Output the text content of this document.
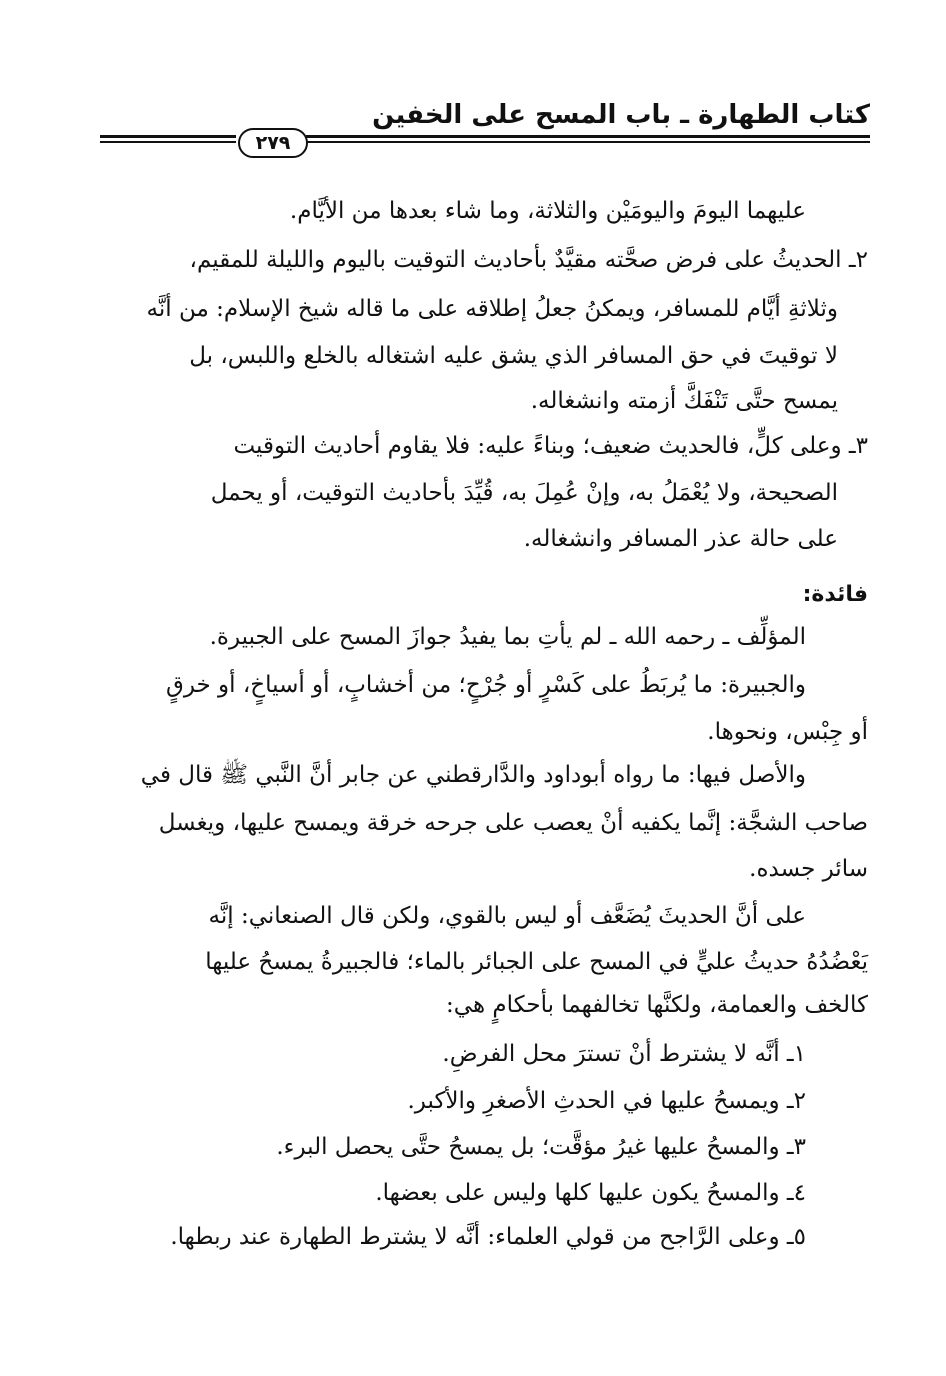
كتاب الطهارة ـ باب المسح على الخفين
٢٧٩
عليهما اليومَ واليومَيْن والثلاثة، وما شاء بعدها من الأيَّام.
٢ـ الحديثُ على فرض صحَّته مقيَّدٌ بأحاديث التوقيت باليوم والليلة للمقيم،
وثلاثةِ أيَّام للمسافر، ويمكنُ جعلُ إطلاقه على ما قاله شيخ الإسلام: من أنَّه
لا توقيتَ في حق المسافر الذي يشق عليه اشتغاله بالخلع واللبس، بل
يمسح حتَّى تَنْفَكَّ أزمته وانشغاله.
٣ـ وعلى كلٍّ، فالحديث ضعيف؛ وبناءً عليه: فلا يقاوم أحاديث التوقيت
الصحيحة، ولا يُعْمَلُ به، وإنْ عُمِلَ به، قُيِّدَ بأحاديث التوقيت، أو يحمل
على حالة عذر المسافر وانشغاله.
فائدة:
المؤلِّف ـ رحمه الله ـ لم يأتِ بما يفيدُ جوازَ المسح على الجبيرة.
والجبيرة: ما يُربَطُ على كَسْرٍ أو جُرْحٍ؛ من أخشابٍ، أو أسياخٍ، أو خرقٍ
أو جِبْس، ونحوها.
والأصل فيها: ما رواه أبوداود والدَّارقطني عن جابر أنَّ النَّبي ﷺ قال في
صاحب الشجَّة: إنَّما يكفيه أنْ يعصب على جرحه خرقة ويمسح عليها، ويغسل
سائر جسده.
على أنَّ الحديثَ يُضَعَّف أو ليس بالقوي، ولكن قال الصنعاني: إنَّه
يَعْضُدُهُ حديثُ عليٍّ في المسح على الجبائر بالماء؛ فالجبيرةُ يمسحُ عليها
كالخف والعمامة، ولكنَّها تخالفهما بأحكامٍ هي:
١ـ أنَّه لا يشترط أنْ تسترَ محل الفرضِ.
٢ـ ويمسحُ عليها في الحدثِ الأصغرِ والأكبر.
٣ـ والمسحُ عليها غيرُ مؤقَّت؛ بل يمسحُ حتَّى يحصل البرء.
٤ـ والمسحُ يكون عليها كلها وليس على بعضها.
٥ـ وعلى الرَّاجح من قولي العلماء: أنَّه لا يشترط الطهارة عند ربطها.
